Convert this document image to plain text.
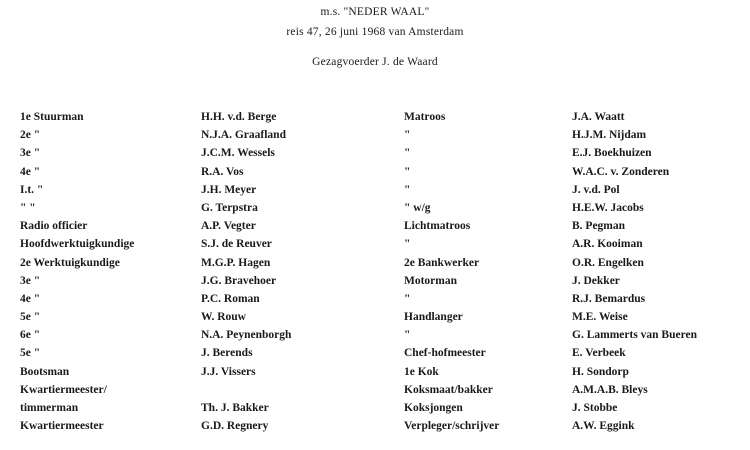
m.s. "NEDER WAAL"
reis 47, 26 juni 1968 van Amsterdam
Gezagvoerder J. de Waard
1e Stuurman
2e "
3e "
4e "
I.t. "
" "
Radio officier
Hoofdwerktuigkundige
2e Werktuigkundige
3e "
4e "
5e "
6e "
5e "
Bootsman
Kwartiermeester/
timmerman
Kwartiermeester
H.H. v.d. Berge
N.J.A. Graafland
J.C.M. Wessels
R.A. Vos
J.H. Meyer
G. Terpstra
A.P. Vegter
S.J. de Reuver
M.G.P. Hagen
J.G. Bravehoer
P.C. Roman
W. Rouw
N.A. Peynenborgh
J. Berends
J.J. Vissers
Th. J. Bakker
G.D. Regnery
Matroos
"
"
"
"
" w/g
Lichtmatroos
"
2e Bankwerker
Motorman
"
Handlanger
"
Chef-hofmeester
1e Kok
Koksmaat/bakker
Koksjongen
Verpleger/schrijver
J.A. Waatt
H.J.M. Nijdam
E.J. Boekhuizen
W.A.C. v. Zonderen
J. v.d. Pol
H.E.W. Jacobs
B. Pegman
A.R. Kooiman
O.R. Engelken
J. Dekker
R.J. Bemardus
M.E. Weise
G. Lammerts van Bueren
E. Verbeek
H. Sondorp
A.M.A.B. Bleys
J. Stobbe
A.W. Eggink
